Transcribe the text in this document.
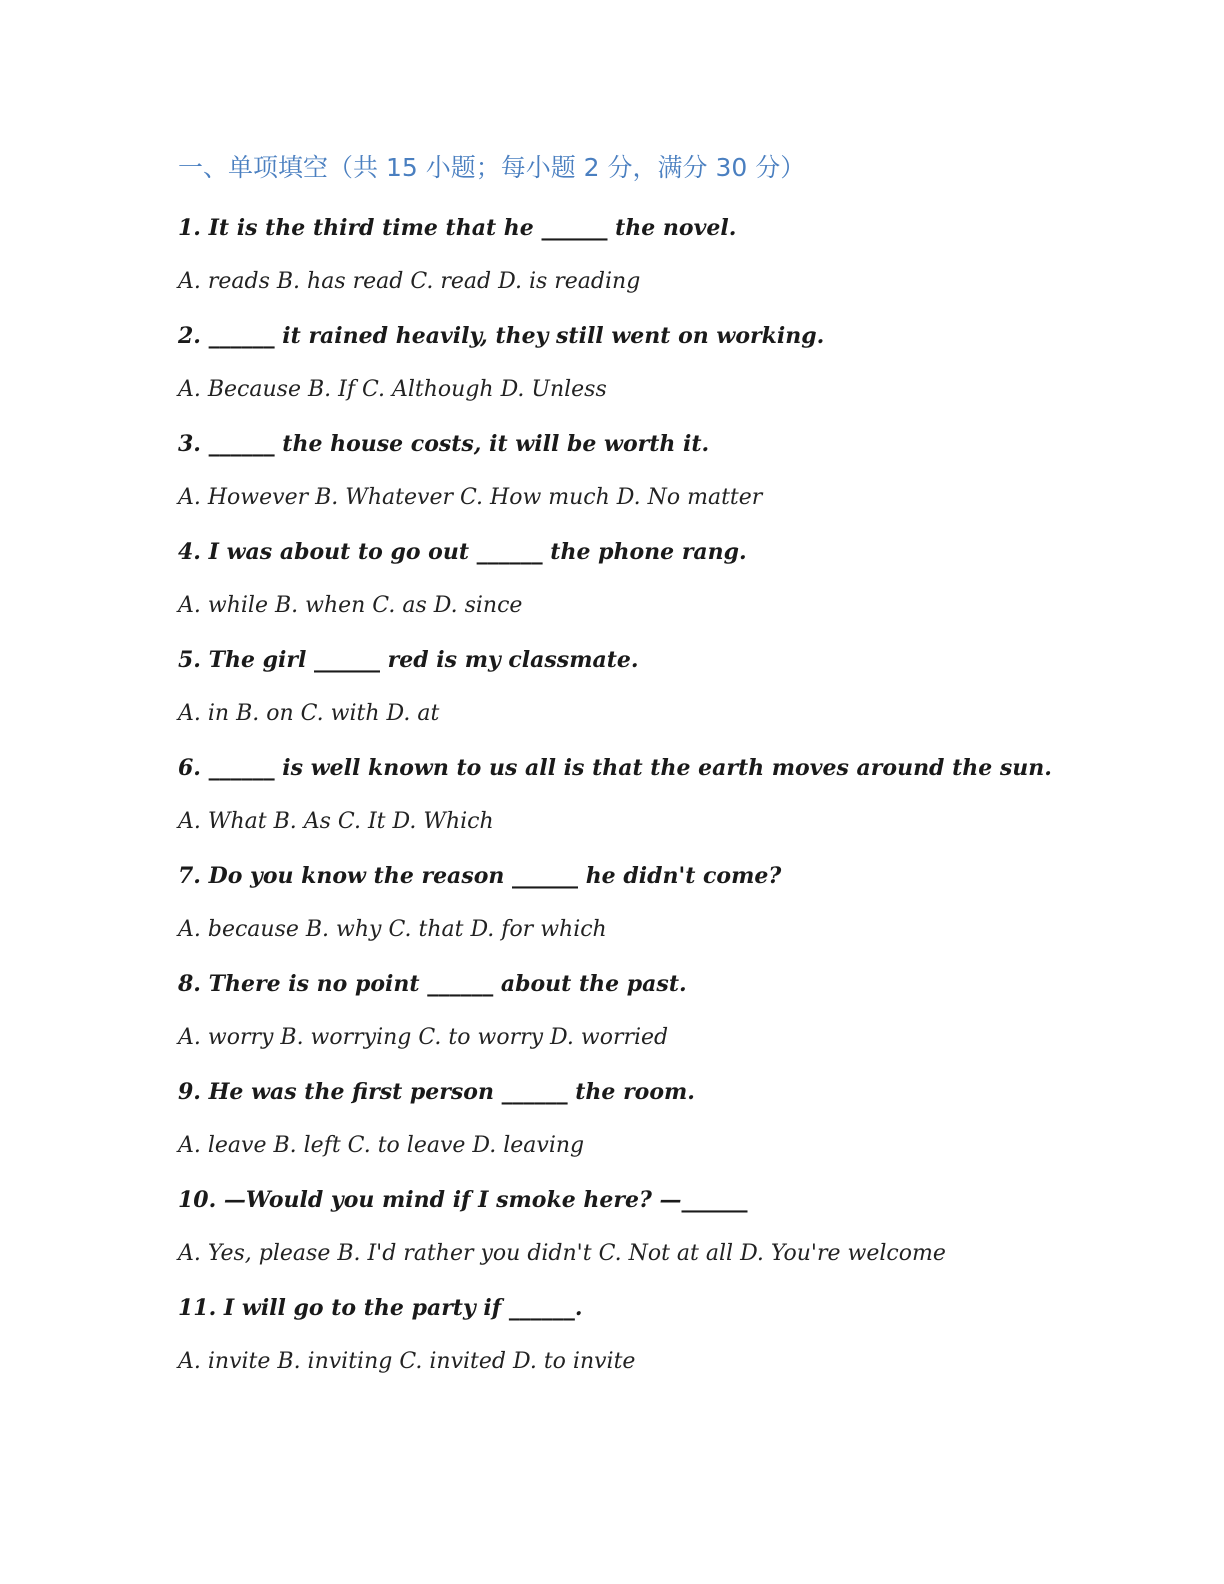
一、单项填空（共 15 小题；每小题 2 分，满分 30 分）
1. It is the third time that he ______ the novel.
A. reads B. has read C. read D. is reading
2. ______ it rained heavily, they still went on working.
A. Because B. If C. Although D. Unless
3. ______ the house costs, it will be worth it.
A. However B. Whatever C. How much D. No matter
4. I was about to go out ______ the phone rang.
A. while B. when C. as D. since
5. The girl ______ red is my classmate.
A. in B. on C. with D. at
6. ______ is well known to us all is that the earth moves around the sun.
A. What B. As C. It D. Which
7. Do you know the reason ______ he didn't come?
A. because B. why C. that D. for which
8. There is no point ______ about the past.
A. worry B. worrying C. to worry D. worried
9. He was the first person ______ the room.
A. leave B. left C. to leave D. leaving
10. —Would you mind if I smoke here? —______
A. Yes, please B. I'd rather you didn't C. Not at all D. You're welcome
11. I will go to the party if ______.
A. invite B. inviting C. invited D. to invite
